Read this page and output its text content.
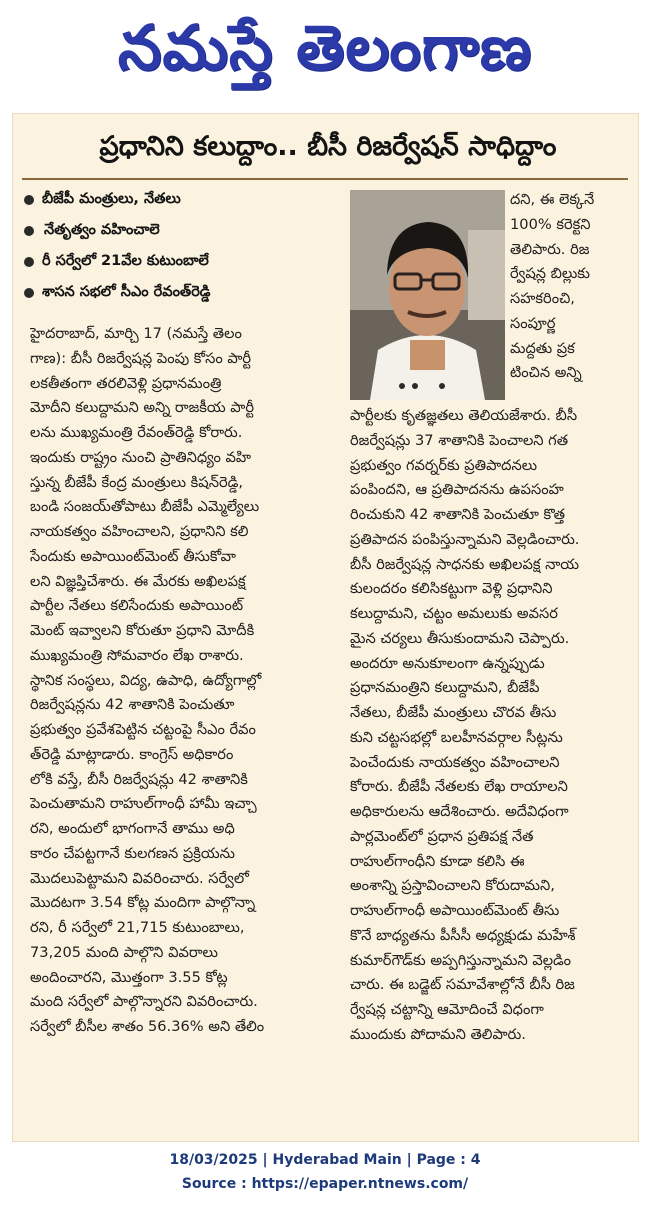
నమస్తే తెలంగాణ
ప్రధానిని కలుద్దాం.. బీసీ రిజర్వేషన్ సాధిద్దాం
బీజేపీ మంత్రులు, నేతలు
నేతృత్వం వహించాలె
రీ సర్వేలో 21వేల కుటుంబాలే
శాసన సభలో సీఎం రేవంత్‌రెడ్డి
దని, ఈ లెక్కనే
100% కరెక్టని
తెలిపారు. రిజ
ర్వేషన్ల బిల్లుకు
సహకరించి,
సంపూర్ణ
మద్దతు ప్రక
టించిన అన్ని
హైదరాబాద్, మార్చి 17 (నమస్తే తెలం
గాణ): బీసీ రిజర్వేషన్ల పెంపు కోసం పార్టీ
లకతీతంగా తరలివెళ్లి ప్రధానమంత్రి
మోదీని కలుద్దామని అన్ని రాజకీయ పార్టీ
లను ముఖ్యమంత్రి రేవంత్‌రెడ్డి కోరారు.
ఇందుకు రాష్ట్రం నుంచి ప్రాతినిధ్యం వహి
స్తున్న బీజేపీ కేంద్ర మంత్రులు కిషన్‌రెడ్డి,
బండి సంజయ్‌తోపాటు బీజేపీ ఎమ్మెల్యేలు
నాయకత్వం వహించాలని, ప్రధానిని కలి
సేందుకు అపాయింట్‌మెంట్ తీసుకోవా
లని విజ్ఞప్తిచేశారు. ఈ మేరకు అఖిలపక్ష
పార్టీల నేతలు కలిసేందుకు అపాయింట్
మెంట్ ఇవ్వాలని కోరుతూ ప్రధాని మోదీకి
ముఖ్యమంత్రి సోమవారం లేఖ రాశారు.
స్థానిక సంస్థలు, విద్య, ఉపాధి, ఉద్యోగాల్లో
రిజర్వేషన్లను 42 శాతానికి పెంచుతూ
ప్రభుత్వం ప్రవేశపెట్టిన చట్టంపై సీఎం రేవం
త్‌రెడ్డి మాట్లాడారు. కాంగ్రెస్ అధికారం
లోకి వస్తే, బీసీ రిజర్వేషన్లు 42 శాతానికి
పెంచుతామని రాహుల్‌గాంధీ హామీ ఇచ్చా
రని, అందులో భాగంగానే తాము అధి
కారం చేపట్టగానే కులగణన ప్రక్రియను
మొదలుపెట్టామని వివరించారు. సర్వేలో
మొదటగా 3.54 కోట్ల మందిగా పాల్గొన్నా
రని, రీ సర్వేలో 21,715 కుటుంబాలు,
73,205 మంది పాల్గొని వివరాలు
అందించారని, మొత్తంగా 3.55 కోట్ల
మంది సర్వేలో పాల్గొన్నారని వివరించారు.
సర్వేలో బీసీల శాతం 56.36% అని తేలిం
పార్టీలకు కృతజ్ఞతలు తెలియజేశారు. బీసీ
రిజర్వేషన్లు 37 శాతానికి పెంచాలని గత
ప్రభుత్వం గవర్నర్‌కు ప్రతిపాదనలు
పంపిందని, ఆ ప్రతిపాదనను ఉపసంహ
రించుకుని 42 శాతానికి పెంచుతూ కొత్త
ప్రతిపాదన పంపిస్తున్నామని వెల్లడించారు.
బీసీ రిజర్వేషన్ల సాధనకు అఖిలపక్ష నాయ
కులందరం కలిసికట్టుగా వెళ్లి ప్రధానిని
కలుద్దామని, చట్టం అమలుకు అవసర
మైన చర్యలు తీసుకుందామని చెప్పారు.
అందరూ అనుకూలంగా ఉన్నప్పుడు
ప్రధానమంత్రిని కలుద్దామని, బీజేపీ
నేతలు, బీజేపీ మంత్రులు చొరవ తీసు
కుని చట్టసభల్లో బలహీనవర్గాల సీట్లను
పెంచేందుకు నాయకత్వం వహించాలని
కోరారు. బీజేపీ నేతలకు లేఖ రాయాలని
అధికారులను ఆదేశించారు. అదేవిధంగా
పార్లమెంట్‌లో ప్రధాన ప్రతిపక్ష నేత
రాహుల్‌గాంధీని కూడా కలిసి ఈ
అంశాన్ని ప్రస్తావించాలని కోరుదామని,
రాహుల్‌గాంధీ అపాయింట్‌మెంట్ తీసు
కొనే బాధ్యతను పీసీసీ అధ్యక్షుడు మహేశ్
కుమార్‌గౌడ్‌కు అప్పగిస్తున్నామని వెల్లడిం
చారు. ఈ బడ్జెట్ సమావేశాల్లోనే బీసీ రిజ
ర్వేషన్ల చట్టాన్ని ఆమోదించే విధంగా
ముందుకు పోదామని తెలిపారు.
18/03/2025 | Hyderabad Main | Page : 4
Source : https://epaper.ntnews.com/
